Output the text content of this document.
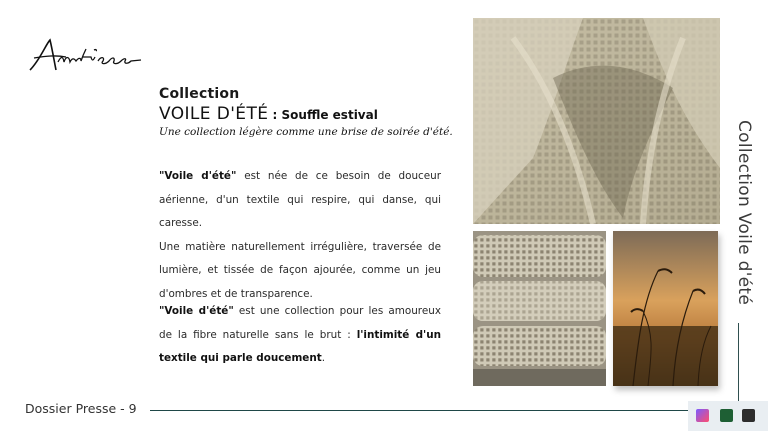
Collection
VOILE D'ÉTÉ : Souffle estival
Une collection légère comme une brise de soirée d'été.
"Voile d'été" est née de ce besoin de douceur aérienne, d'un textile qui respire, qui danse, qui caresse.
Une matière naturellement irrégulière, traversée de lumière, et tissée de façon ajourée, comme un jeu d'ombres et de transparence.
"Voile d'été" est une collection pour les amoureux de la fibre naturelle sans le brut : l'intimité d'un textile qui parle doucement.
Collection Voile d'été
Dossier Presse - 9
